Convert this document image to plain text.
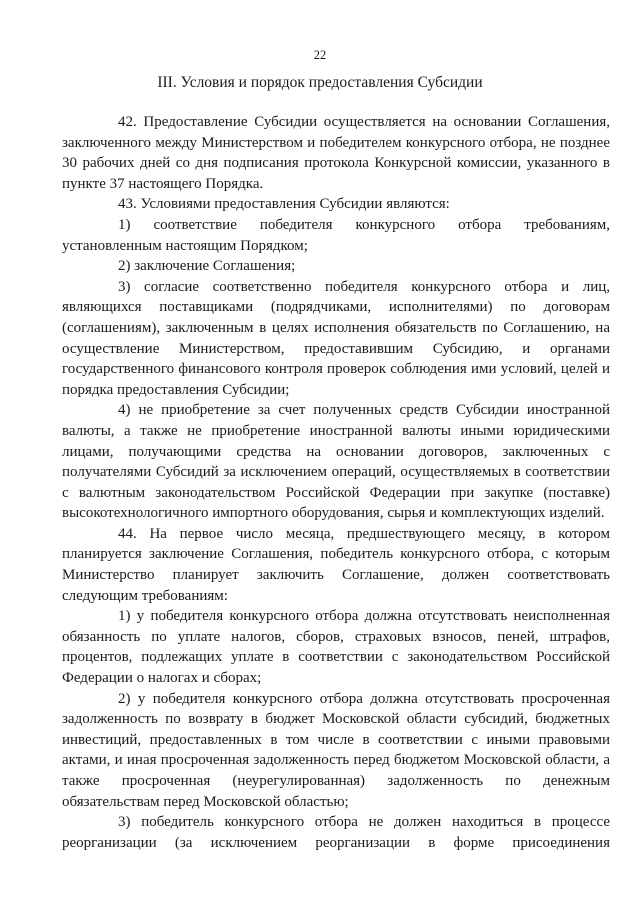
22
III. Условия и порядок предоставления Субсидии

42. Предоставление Субсидии осуществляется на основании Соглашения, заключенного между Министерством и победителем конкурсного отбора, не позднее 30 рабочих дней со дня подписания протокола Конкурсной комиссии, указанного в пункте 37 настоящего Порядка.

43. Условиями предоставления Субсидии являются:

1) соответствие победителя конкурсного отбора требованиям, установленным настоящим Порядком;

2) заключение Соглашения;

3) согласие соответственно победителя конкурсного отбора и лиц, являющихся поставщиками (подрядчиками, исполнителями) по договорам (соглашениям), заключенным в целях исполнения обязательств по Соглашению, на осуществление Министерством, предоставившим Субсидию, и органами государственного финансового контроля проверок соблюдения ими условий, целей и порядка предоставления Субсидии;

4) не приобретение за счет полученных средств Субсидии иностранной валюты, а также не приобретение иностранной валюты иными юридическими лицами, получающими средства на основании договоров, заключенных с получателями Субсидий за исключением операций, осуществляемых в соответствии с валютным законодательством Российской Федерации при закупке (поставке) высокотехнологичного импортного оборудования, сырья и комплектующих изделий.

44. На первое число месяца, предшествующего месяцу, в котором планируется заключение Соглашения, победитель конкурсного отбора, с которым Министерство планирует заключить Соглашение, должен соответствовать следующим требованиям:

1) у победителя конкурсного отбора должна отсутствовать неисполненная обязанность по уплате налогов, сборов, страховых взносов, пеней, штрафов, процентов, подлежащих уплате в соответствии с законодательством Российской Федерации о налогах и сборах;

2) у победителя конкурсного отбора должна отсутствовать просроченная задолженность по возврату в бюджет Московской области субсидий, бюджетных инвестиций, предоставленных в том числе в соответствии с иными правовыми актами, и иная просроченная задолженность перед бюджетом Московской области, а также просроченная (неурегулированная) задолженность по денежным обязательствам перед Московской областью;

3) победитель конкурсного отбора не должен находиться в процессе реорганизации (за исключением реорганизации в форме присоединения
